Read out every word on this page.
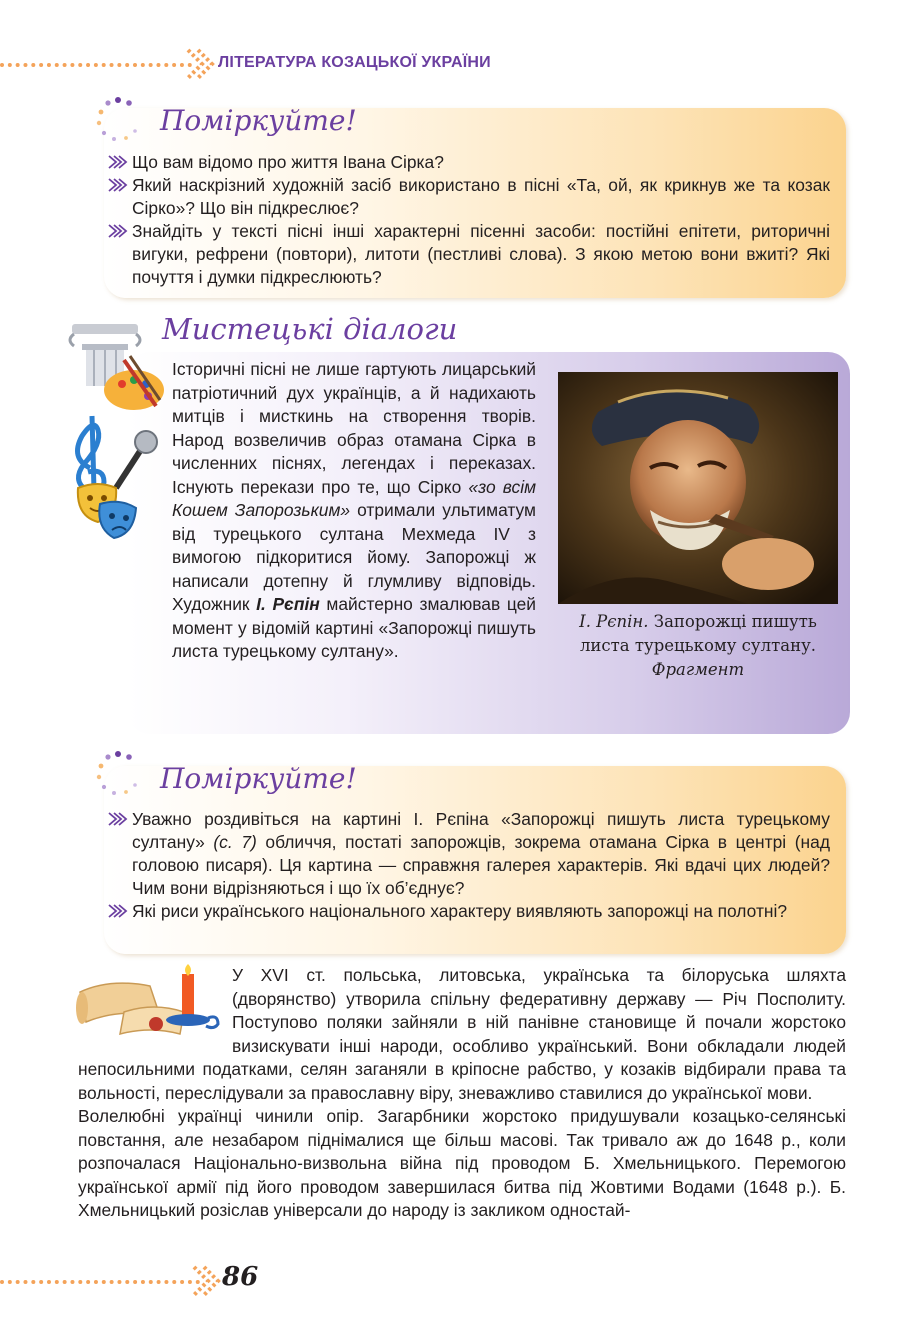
ЛІТЕРАТУРА КОЗАЦЬКОЇ УКРАЇНИ
Поміркуйте!
Що вам відомо про життя Івана Сірка?
Який наскрізний художній засіб використано в пісні «Та, ой, як крикнув же та козак Сірко»? Що він підкреслює?
Знайдіть у тексті пісні інші характерні пісенні засоби: постійні епітети, риторичні вигуки, рефрени (повтори), литоти (пестливі слова). З якою метою вони вжиті? Які почуття і думки підкреслюють?
Мистецькі діалоги

Історичні пісні не лише гартують лицарський патріотичний дух українців, а й надихають митців і мисткинь на створення творів. Народ возвеличив образ отамана Сірка в численних піснях, легендах і переказах. Існують перекази про те, що Сірко «зо всім Кошем Запорозьким» отримали ультиматум від турецького султана Мехмеда IV з вимогою підкоритися йому. Запорожці ж написали дотепну й глумливу відповідь. Художник І. Рєпін майстерно змалював цей момент у відомій картині «Запорожці пишуть листа турецькому султану».

І. Рєпін. Запорожці пишуть листа турецькому султану.
Фрагмент
Поміркуйте!
Уважно роздивіться на картині І. Рєпіна «Запорожці пишуть листа турецькому султану» (с. 7) обличчя, постаті запорожців, зокрема отамана Сірка в центрі (над головою писаря). Ця картина — справжня галерея характерів. Які вдачі цих людей? Чим вони відрізняються і що їх об’єднує?
Які риси українського національного характеру виявляють запорожці на полотні?

У XVI ст. польська, литовська, українська та білоруська шляхта (дворянство) утворила спільну федеративну державу — Річ Посполиту. Поступово поляки зайняли в ній панівне становище й почали жорстоко визискувати інші народи, особливо український. Вони обкладали людей непосильними податками, селян заганяли в кріпосне рабство, у козаків відбирали права та вольності, переслідували за православну віру, зневажливо ставилися до української мови.

Волелюбні українці чинили опір. Загарбники жорстоко придушували козацько-селянські повстання, але незабаром піднімалися ще більш масові. Так тривало аж до 1648 р., коли розпочалася Національно-визвольна війна під проводом Б. Хмельницького. Перемогою української армії під його проводом завершилася битва під Жовтими Водами (1648 р.). Б. Хмельницький розіслав універсали до народу із закликом одностай-

86
